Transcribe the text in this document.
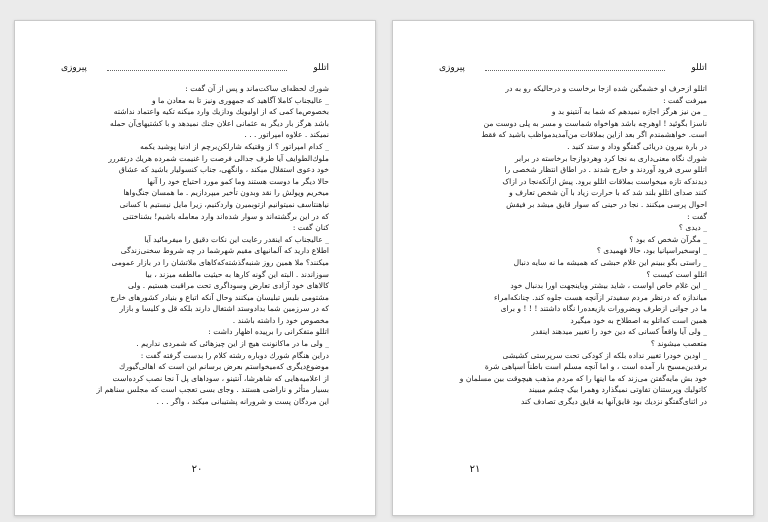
اتللو
پیروزی
شورك لحظه‌ای ساکت‌ماند و پس از آن گفت :
_ عالیجناب کاملا آگاهید که جمهوری ونیز تا به معادن ما و
بخصوص‌ما کمی که از اولیویك ودازیك وارد میکنه تکیه واعتماد نداشته
باشد هرگز بار دیگر به عثمانی اعلان جنك نمیدهد و با کشتیهای‌آن حمله
نمیکند . علاوه امپراتور . . .
_ کدام امپراتور ؟ از وقتیکه شارلکن‌برچم از ادنیا پوشید یکمه
ملوك‌الطوایف آیا طرف جدالی فرصت را غنیمت شمرده هریك درتقررر
خود دعوی استقلال میکند ، وانگهی، جناب کنسولیار باشید که عشاق
حالا دیگر ما دوست هستند وما کمو مورد احتیاج خود را آنها
میخریم وپولش را نقد وبدون تأخیر میپردازیم . ما همسان جنگ‌واها
نیاهنتاسف نمیتوانیم ازتوبمیرن واردکنیم، زیرا مایل نیستیم با کسانی
که در این برگشته‌اند و سوار شده‌اند وارد معامله باشیم! بشناختنی
کنان گفت :
_ عالیجناب که اینقدر رعایت این نکات دقیق را میفرمائید آیا
اطلاع دارید که آلمانیهای مقیم شهرشما در چه شروط سخنی‌زندگی
میکنند؟ ملا همین روز شنبه‌گذشته‌که‌کاهای ملاتشان را در بازار عمومی
سوزاندند . البته این گونه کارها به حیثیت مالطفه میزند ، بیا
کالاهای خود آزادی تعارض وسوداگری تحت مراقبت هستیم . ولی
مشتومی بلیس تبلیسان میکنند وحال آنکه اتباع و بنیادر کشورهای خارج
که در سرزمین شما بدادوستد اشتغال دارند بلکه قل و کلیسا و بازار
مخصوص خود را داشته باشند .
اتللو متفکرانی را برپیده اظهار داشت :
_ ولی ما در ماکانونت هیچ از این چیزهائی که شمردی نداریم .
دراین هنگام شورك دوباره رشته کلام را بدست گرفته گفت :
موضوع‌دیگری که‌میخواستم بعرض برسانم این است که اهالی‌گیورك
از اعلامیه‌هایی که شاهرشا، آنتینو ، سوداهای پل آ نجا نصب کرده‌است
بسیار متأثر و ناراضی هستند . وجای بسی تعجب است که مجلس سناهم از
این مردگان پست و شرورانه پشتیبانی میکند ، واگر . . .
٢٠
اتللو
پیروزی
اتللو ازحرف او خشمگین شده ازجا برخاست و درحالیکه رو به در
میرفت گفت :
_ من نیز هرگز اجازه نمیدهم که شما به آنتینو بد و
ناسزا بگوئید ! اوهرچه باشد هواخواه شماست و مسر به پلی دوست من
است. خواهشمندم اگر بعد ازاین بملاقات من‌آمدید‌مواظب باشید که فقط
در بارة بیرون دریائی گفتگو وداد و ستد کنید .
شورك نگاه معنی‌داری به نجا کرد وهردوازجا برخاسته در برابر
اتللو سری فرود آوردند و خارج شدند . در اطاق انتظار شخصی را
دیدند‌که تازه میخواست بملاقات اتللو برود. پیش ازآنکه‌نجا در ازاک
کنند صدای اتللو بلند شد که با حرارت زیاد با آن شخص تعارف و
احوال پرسی میکنند . نجا در حینی که سوار قایق میشد بر فیقش
گفت :
_ دیدی ؟
_ مگرآن شخص که بود ؟
_ اوسخیراسپانیا بود، حالا فهمیدی ؟
_ راستی بگو ببینم این غلام حبشی که همیشه ما نه سایه دنبال
اتللو است کیست ؟
_ این غلام خاص اواست ، شاید بیشتر وباینجهت اورا بدنبال خود
میاندازه که درنظر مردم سفیدتر ازآنچه هست جلوه کند. چنانکه‌امراء
ما در جوانی ازطرف وبضرورات بازیعده‌را نگاه داشتند ! ! ! و برای
همین است که‌اتلو به اصطلاح به خود میگیرد
_ ولی آیا واقعاً کسانی که دین خود را تغییر میدهند اینقدر
متعصب میشوند ؟
_ اودین خودرا تغییر نداده بلکه از کودکی تحت سرپرستی کشیشی
برفدین‌مسیح بار آمده است ، و اما آنچه مسلم است باطناً اسپاهی شرة
خود بش مایه‌گفتن می‌زند که ما اینها را که مردم مذهب هیچوقت بین مسلمان و
کاتولیك وپرستنان تفاوتی نمیگذارد وهمرا بیک چشم میبیند
در اثنای‌گفتگو نزدیك بود قایق‌آنها به قایق دیگری تصادف کند
٢١
